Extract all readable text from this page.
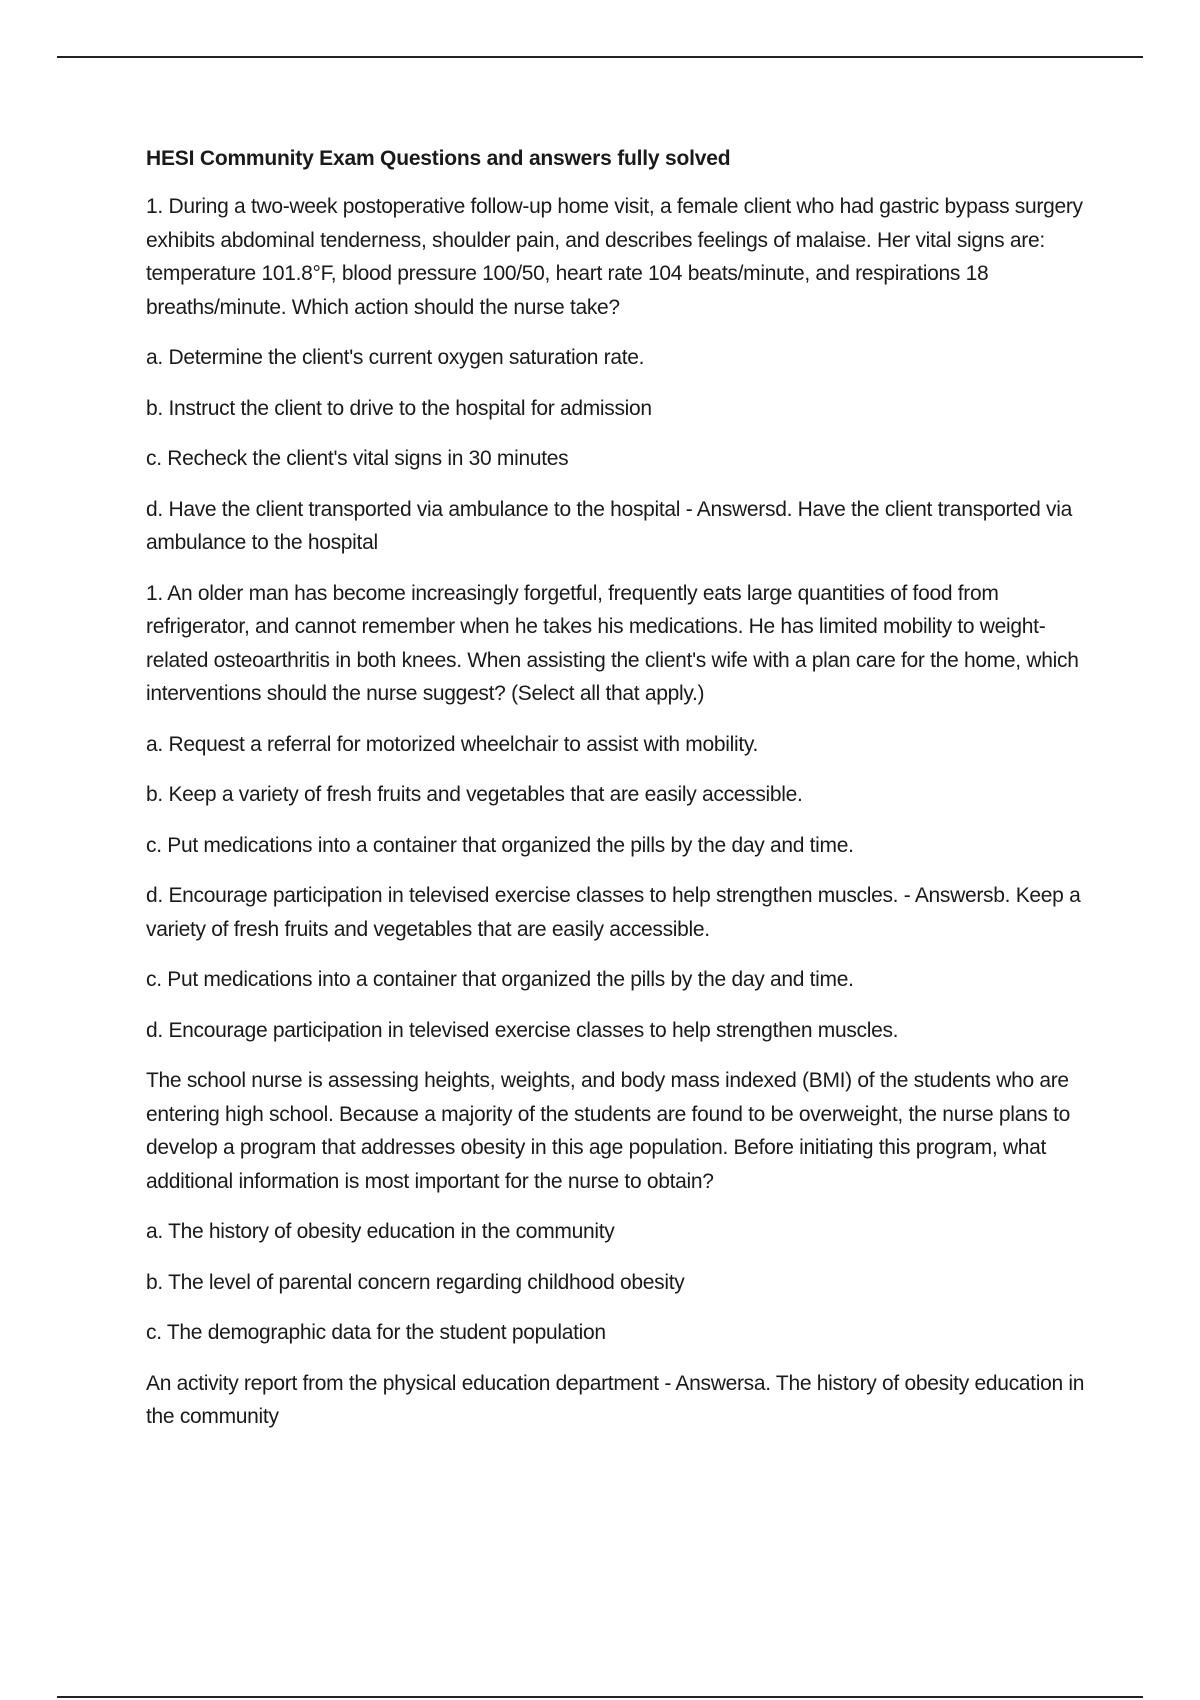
HESI Community Exam Questions and answers fully solved

1. During a two-week postoperative follow-up home visit, a female client who had gastric bypass surgery exhibits abdominal tenderness, shoulder pain, and describes feelings of malaise. Her vital signs are: temperature 101.8°F, blood pressure 100/50, heart rate 104 beats/minute, and respirations 18 breaths/minute. Which action should the nurse take?

a. Determine the client's current oxygen saturation rate.

b. Instruct the client to drive to the hospital for admission

c. Recheck the client's vital signs in 30 minutes

d. Have the client transported via ambulance to the hospital - Answersd. Have the client transported via ambulance to the hospital

1. An older man has become increasingly forgetful, frequently eats large quantities of food from refrigerator, and cannot remember when he takes his medications. He has limited mobility to weight-related osteoarthritis in both knees. When assisting the client's wife with a plan care for the home, which interventions should the nurse suggest? (Select all that apply.)

a. Request a referral for motorized wheelchair to assist with mobility.

b. Keep a variety of fresh fruits and vegetables that are easily accessible.

c. Put medications into a container that organized the pills by the day and time.

d. Encourage participation in televised exercise classes to help strengthen muscles. - Answersb. Keep a variety of fresh fruits and vegetables that are easily accessible.

c. Put medications into a container that organized the pills by the day and time.

d. Encourage participation in televised exercise classes to help strengthen muscles.

The school nurse is assessing heights, weights, and body mass indexed (BMI) of the students who are entering high school. Because a majority of the students are found to be overweight, the nurse plans to develop a program that addresses obesity in this age population. Before initiating this program, what additional information is most important for the nurse to obtain?

a. The history of obesity education in the community

b. The level of parental concern regarding childhood obesity

c. The demographic data for the student population

An activity report from the physical education department - Answersa. The history of obesity education in the community
